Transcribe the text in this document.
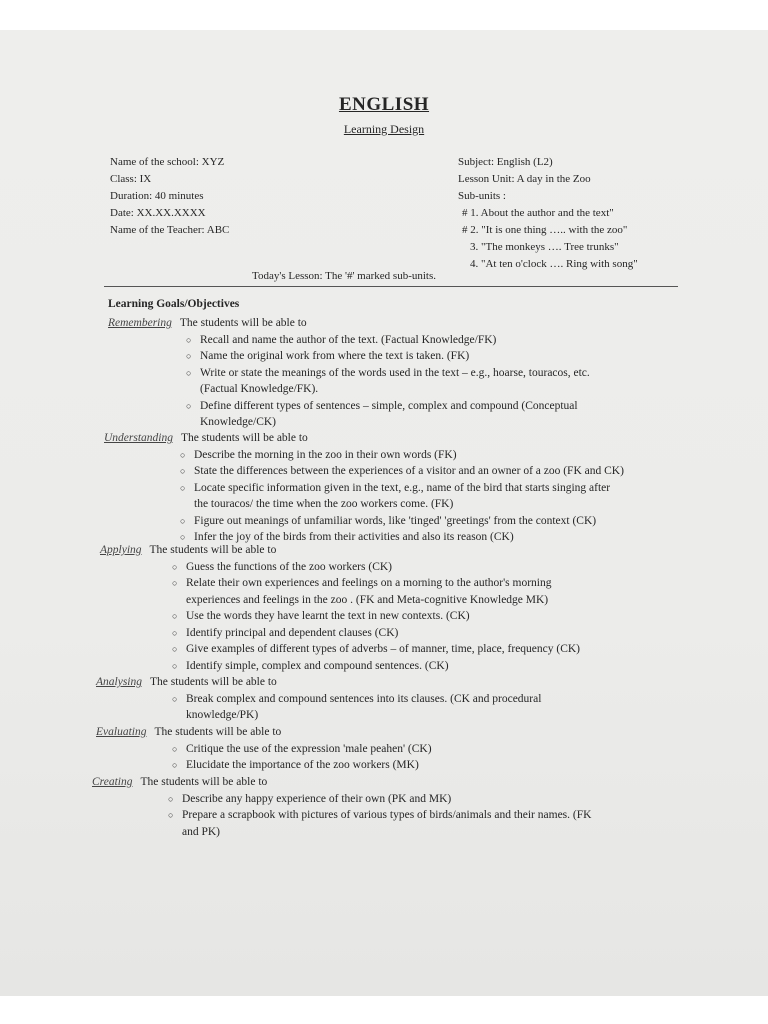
ENGLISH
Learning Design
Name of the school: XYZ
Class: IX
Duration: 40 minutes
Date: XX.XX.XXXX
Name of the Teacher: ABC
Subject: English (L2)
Lesson Unit: A day in the Zoo
Sub-units :
# 1. About the author and the text"
# 2. "It is one thing ….. with the zoo"
3. "The monkeys …. Tree trunks"
4. "At ten o'clock …. Ring with song"
Today's Lesson: The '#' marked sub-units.
Learning Goals/Objectives
Remembering The students will be able to
○ Recall and name the author of the text. (Factual Knowledge/FK)
○ Name the original work from where the text is taken. (FK)
○ Write or state the meanings of the words used in the text – e.g., hoarse, touracos, etc.
(Factual Knowledge/FK).
○ Define different types of sentences – simple, complex and compound (Conceptual
Knowledge/CK)
Understanding The students will be able to
○ Describe the morning in the zoo in their own words (FK)
○ State the differences between the experiences of a visitor and an owner of a zoo (FK and CK)
○ Locate specific information given in the text, e.g., name of the bird that starts singing after
the touracos/ the time when the zoo workers come. (FK)
○ Figure out meanings of unfamiliar words, like 'tinged' 'greetings' from the context (CK)
○ Infer the joy of the birds from their activities and also its reason (CK)
Applying The students will be able to
○ Guess the functions of the zoo workers (CK)
○ Relate their own experiences and feelings on a morning to the author's morning
experiences and feelings in the zoo . (FK and Meta-cognitive Knowledge MK)
○ Use the words they have learnt the text in new contexts. (CK)
○ Identify principal and dependent clauses (CK)
○ Give examples of different types of adverbs – of manner, time, place, frequency (CK)
○ Identify simple, complex and compound sentences. (CK)
Analysing The students will be able to
○ Break complex and compound sentences into its clauses. (CK and procedural
knowledge/PK)
Evaluating The students will be able to
○ Critique the use of the expression 'male peahen' (CK)
○ Elucidate the importance of the zoo workers (MK)
Creating The students will be able to
○ Describe any happy experience of their own (PK and MK)
○ Prepare a scrapbook with pictures of various types of birds/animals and their names. (FK
and PK)
